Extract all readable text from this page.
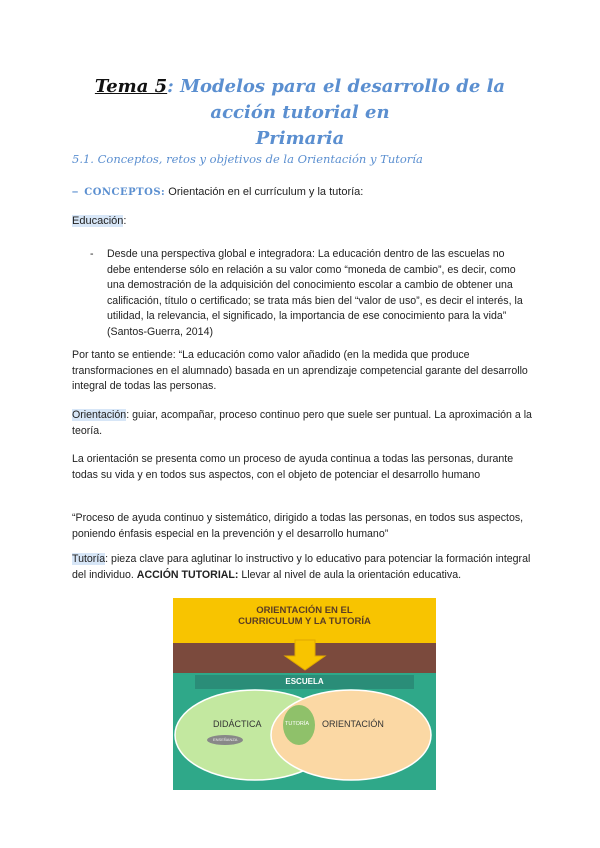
Tema 5: Modelos para el desarrollo de la acción tutorial en
Primaria
5.1. Conceptos, retos y objetivos de la Orientación y Tutoría
– CONCEPTOS: Orientación en el currículum y la tutoría:
Educación:
- Desde una perspectiva global e integradora: La educación dentro de las escuelas no debe entenderse sólo en relación a su valor como “moneda de cambio”, es decir, como una demostración de la adquisición del conocimiento escolar a cambio de obtener una calificación, título o certificado; se trata más bien del “valor de uso”, es decir el interés, la utilidad, la relevancia, el significado, la importancia de ese conocimiento para la vida” (Santos-Guerra, 2014)
Por tanto se entiende: “La educación como valor añadido (en la medida que produce transformaciones en el alumnado) basada en un aprendizaje competencial garante del desarrollo integral de todas las personas.
Orientación: guiar, acompañar, proceso continuo pero que suele ser puntual. La aproximación a la teoría.
La orientación se presenta como un proceso de ayuda continua a todas las personas, durante todas su vida y en todos sus aspectos, con el objeto de potenciar el desarrollo humano
“Proceso de ayuda continuo y sistemático, dirigido a todas las personas, en todos sus aspectos, poniendo énfasis especial en la prevención y el desarrollo humano”
Tutoría: pieza clave para aglutinar lo instructivo y lo educativo para potenciar la formación integral del individuo. ACCIÓN TUTORIAL: Llevar al nivel de aula la orientación educativa.
ORIENTACIÓN EN EL
CURRICULUM Y LA TUTORÍA
ESCUELA
DIDÁCTICA	TUTORÍA ORIENTACIÓN
ENSEÑANZA
